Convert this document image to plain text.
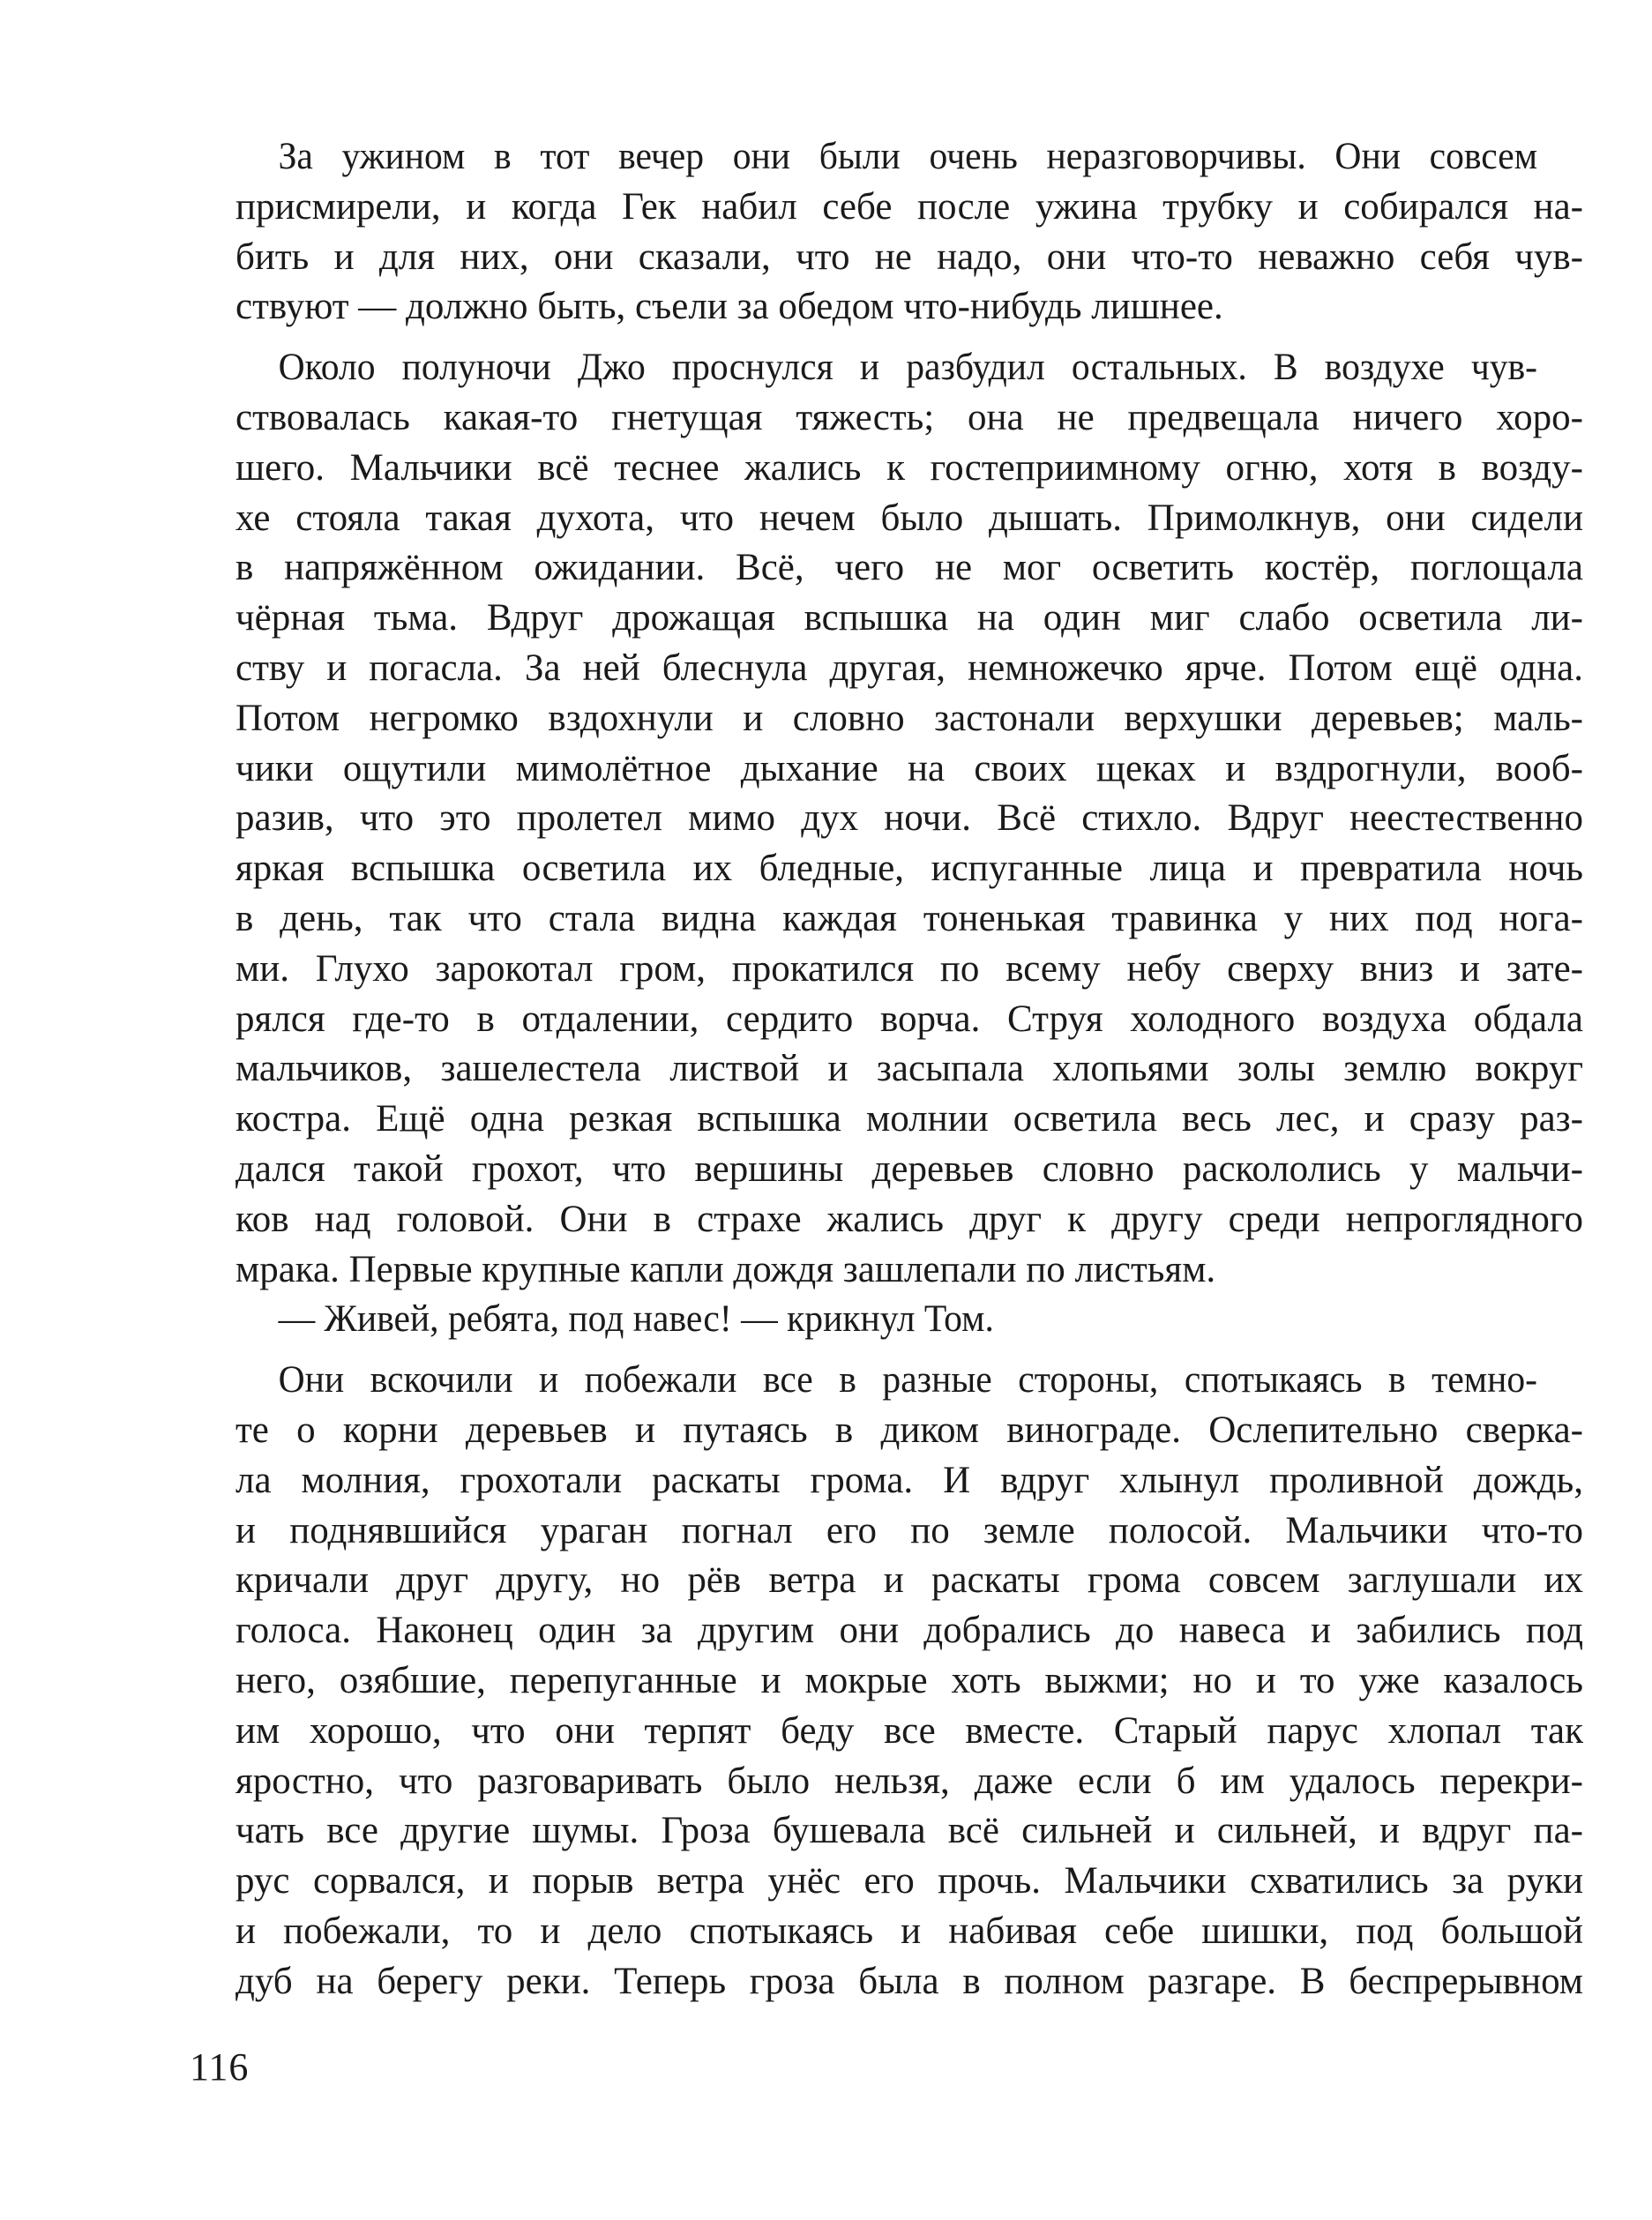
За ужином в тот вечер они были очень неразговорчивы. Они совсем
присмирели, и когда Гек набил себе после ужина трубку и собирался на-
бить и для них, они сказали, что не надо, они что-то неважно себя чув-
ствуют — должно быть, съели за обедом что-нибудь лишнее.
Около полуночи Джо проснулся и разбудил остальных. В воздухе чув-
ствовалась какая-то гнетущая тяжесть; она не предвещала ничего хоро-
шего. Мальчики всё теснее жались к гостеприимному огню, хотя в возду-
хе стояла такая духота, что нечем было дышать. Примолкнув, они сидели
в напряжённом ожидании. Всё, чего не мог осветить костёр, поглощала
чёрная тьма. Вдруг дрожащая вспышка на один миг слабо осветила ли-
ству и погасла. За ней блеснула другая, немножечко ярче. Потом ещё одна.
Потом негромко вздохнули и словно застонали верхушки деревьев; маль-
чики ощутили мимолётное дыхание на своих щеках и вздрогнули, вооб-
разив, что это пролетел мимо дух ночи. Всё стихло. Вдруг неестественно
яркая вспышка осветила их бледные, испуганные лица и превратила ночь
в день, так что стала видна каждая тоненькая травинка у них под нога-
ми. Глухо зарокотал гром, прокатился по всему небу сверху вниз и зате-
рялся где-то в отдалении, сердито ворча. Струя холодного воздуха обдала
мальчиков, зашелестела листвой и засыпала хлопьями золы землю вокруг
костра. Ещё одна резкая вспышка молнии осветила весь лес, и сразу раз-
дался такой грохот, что вершины деревьев словно раскололись у мальчи-
ков над головой. Они в страхе жались друг к другу среди непроглядного
мрака. Первые крупные капли дождя зашлепали по листьям.
— Живей, ребята, под навес! — крикнул Том.
Они вскочили и побежали все в разные стороны, спотыкаясь в темно-
те о корни деревьев и путаясь в диком винограде. Ослепительно сверка-
ла молния, грохотали раскаты грома. И вдруг хлынул проливной дождь,
и поднявшийся ураган погнал его по земле полосой. Мальчики что-то
кричали друг другу, но рёв ветра и раскаты грома совсем заглушали их
голоса. Наконец один за другим они добрались до навеса и забились под
него, озябшие, перепуганные и мокрые хоть выжми; но и то уже казалось
им хорошо, что они терпят беду все вместе. Старый парус хлопал так
яростно, что разговаривать было нельзя, даже если б им удалось перекри-
чать все другие шумы. Гроза бушевала всё сильней и сильней, и вдруг па-
рус сорвался, и порыв ветра унёс его прочь. Мальчики схватились за руки
и побежали, то и дело спотыкаясь и набивая себе шишки, под большой
дуб на берегу реки. Теперь гроза была в полном разгаре. В беспрерывном
116
